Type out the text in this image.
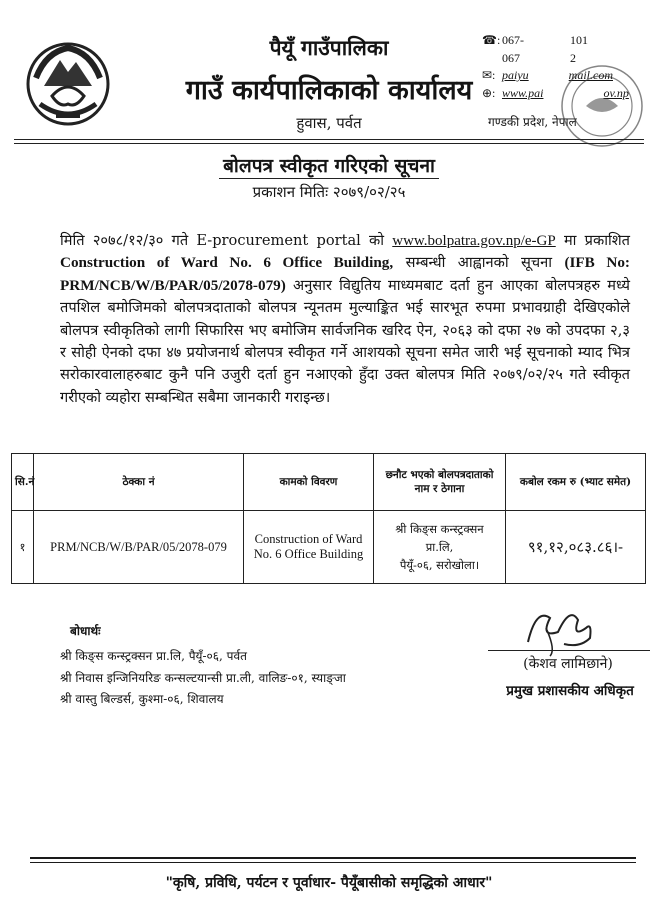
पैयूँ गाउँपालिका
गाउँ कार्यपालिकाको कार्यालय
हुवास, पर्वत
☎: 067-	101
067	2
✉: paiyu	mail.com
⊕: www.pai	ov.np
गण्डकी प्रदेश, नेपाल
बोलपत्र स्वीकृत गरिएको सूचना
प्रकाशन मितिः २०७९/०२/२५
मिति २०७८/१२/३० गते E-procurement portal को www.bolpatra.gov.np/e-GP मा प्रकाशित Construction of Ward No. 6 Office Building, सम्बन्धी आह्वानको सूचना (IFB No: PRM/NCB/W/B/PAR/05/2078-079) अनुसार विद्युतिय माध्यमबाट दर्ता हुन आएका बोलपत्रहरु मध्ये तपशिल बमोजिमको बोलपत्रदाताको बोलपत्र न्यूनतम मुल्याङ्कित भई सारभूत रुपमा प्रभावग्राही देखिएकोले बोलपत्र स्वीकृतिको लागी सिफारिस भए बमोजिम सार्वजनिक खरिद ऐन, २०६३ को दफा २७ को उपदफा २,३ र सोही ऐनको दफा ४७ प्रयोजनार्थ बोलपत्र स्वीकृत गर्ने आशयको सूचना समेत जारी भई सूचनाको म्याद भित्र सरोकारवालाहरुबाट कुनै पनि उजुरी दर्ता हुन नआएको हुँदा उक्त बोलपत्र मिति २०७९/०२/२५ गते स्वीकृत गरीएको व्यहोरा सम्बन्धित सबैमा जानकारी गराइन्छ।
सि.नं	ठेक्का नं	कामको विवरण	छनौट भएको बोलपत्रदाताको नाम र ठेगाना	कबोल रकम रु (भ्याट समेत)
१	PRM/NCB/W/B/PAR/05/2078-079	Construction of Ward No. 6 Office Building	श्री किङ्स कन्स्ट्रक्सन
प्रा.लि,
पैयूँ-०६, सरोखोला।	९१,१२,०८३.८६।-
बोधार्थः
श्री किङ्स कन्स्ट्रक्सन प्रा.लि, पैयूँ-०६, पर्वत
श्री निवास इन्जिनियरिङ कन्सल्टयान्सी प्रा.ली, वालिङ-०१, स्याङ्जा
श्री वास्तु बिल्डर्स, कुश्मा-०६, शिवालय
(केशव लामिछाने)
प्रमुख प्रशासकीय अधिकृत
"कृषि, प्रविधि, पर्यटन र पूर्वाधार- पैयूँबासीको समृद्धिको आधार"
